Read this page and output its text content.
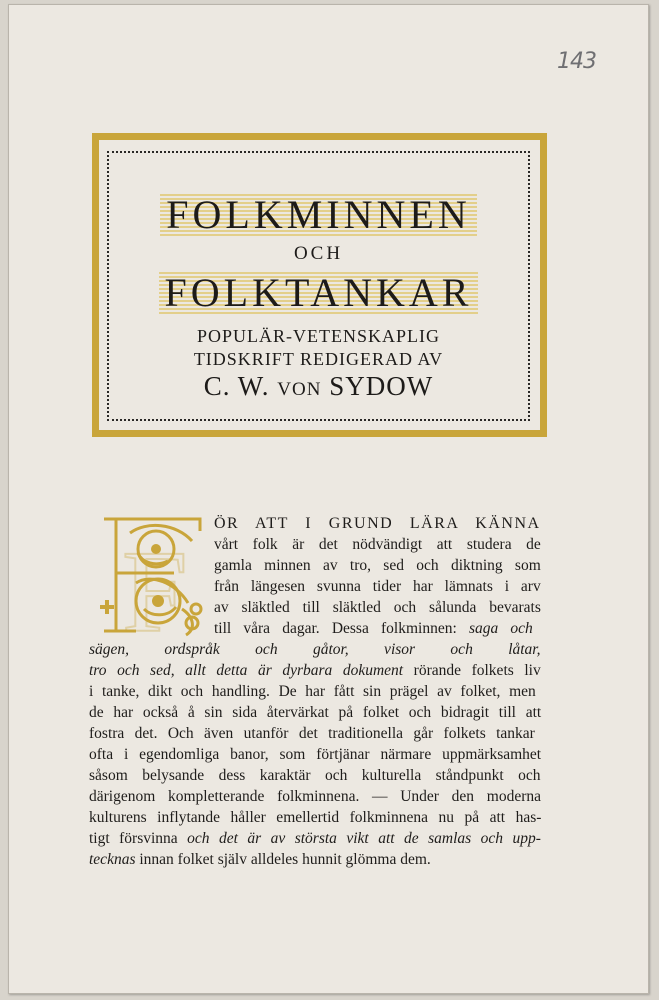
143
FOLKMINNEN
OCH
FOLKTANKAR
POPULÄR-VETENSKAPLIG
TIDSKRIFT REDIGERAD AV
C. W. VON SYDOW
F
ÖR ATT I GRUND LÄRA KÄNNA
vårt folk är det nödvändigt att studera de
gamla minnen av tro, sed och diktning som
från längesen svunna tider har lämnats i arv
av släktled till släktled och sålunda bevarats
till våra dagar. Dessa folkminnen: saga och
sägen, ordspråk och gåtor, visor och låtar,
tro och sed, allt detta är dyrbara dokument rörande folkets liv
i tanke, dikt och handling. De har fått sin prägel av folket, men
de har också å sin sida återvärkat på folket och bidragit till att
fostra det. Och även utanför det traditionella går folkets tankar
ofta i egendomliga banor, som förtjänar närmare uppmärksamhet
såsom belysande dess karaktär och kulturella ståndpunkt och
därigenom kompletterande folkminnena. — Under den moderna
kulturens inflytande håller emellertid folkminnena nu på att has-
tigt försvinna och det är av största vikt att de samlas och upp-
tecknas innan folket själv alldeles hunnit glömma dem.
